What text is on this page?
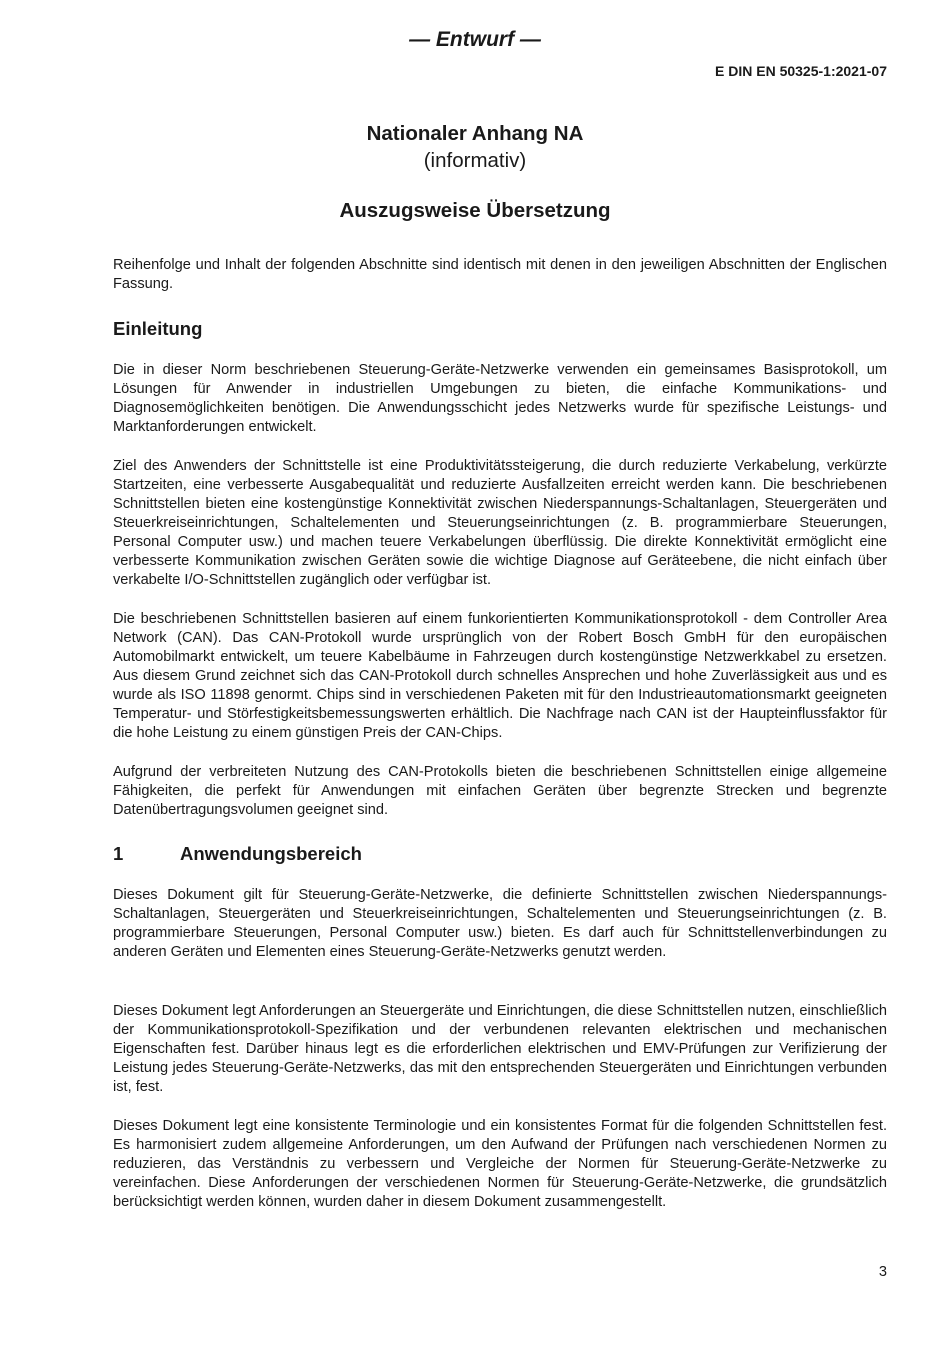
— Entwurf —
E DIN EN 50325-1:2021-07
Nationaler Anhang NA
(informativ)
Auszugsweise Übersetzung

Reihenfolge und Inhalt der folgenden Abschnitte sind identisch mit denen in den jeweiligen Abschnitten der Englischen Fassung.

Einleitung

Die in dieser Norm beschriebenen Steuerung-Geräte-Netzwerke verwenden ein gemeinsames Basisprotokoll, um Lösungen für Anwender in industriellen Umgebungen zu bieten, die einfache Kommunikations- und Diagnosemöglichkeiten benötigen. Die Anwendungsschicht jedes Netzwerks wurde für spezifische Leistungs- und Marktanforderungen entwickelt.

Ziel des Anwenders der Schnittstelle ist eine Produktivitätssteigerung, die durch reduzierte Verkabelung, verkürzte Startzeiten, eine verbesserte Ausgabequalität und reduzierte Ausfallzeiten erreicht werden kann. Die beschriebenen Schnittstellen bieten eine kostengünstige Konnektivität zwischen Niederspannungs-Schaltanlagen, Steuergeräten und Steuerkreiseinrichtungen, Schaltelementen und Steuerungseinrichtungen (z. B. programmierbare Steuerungen, Personal Computer usw.) und machen teuere Verkabelungen überflüssig. Die direkte Konnektivität ermöglicht eine verbesserte Kommunikation zwischen Geräten sowie die wichtige Diagnose auf Geräteebene, die nicht einfach über verkabelte I/O-Schnittstellen zugänglich oder verfügbar ist.

Die beschriebenen Schnittstellen basieren auf einem funkorientierten Kommunikationsprotokoll - dem Controller Area Network (CAN). Das CAN-Protokoll wurde ursprünglich von der Robert Bosch GmbH für den europäischen Automobilmarkt entwickelt, um teuere Kabelbäume in Fahrzeugen durch kostengünstige Netzwerkkabel zu ersetzen. Aus diesem Grund zeichnet sich das CAN-Protokoll durch schnelles Ansprechen und hohe Zuverlässigkeit aus und es wurde als ISO 11898 genormt. Chips sind in verschiedenen Paketen mit für den Industrieautomationsmarkt geeigneten Temperatur- und Störfestigkeitsbemessungswerten erhältlich. Die Nachfrage nach CAN ist der Haupteinflussfaktor für die hohe Leistung zu einem günstigen Preis der CAN-Chips.

Aufgrund der verbreiteten Nutzung des CAN-Protokolls bieten die beschriebenen Schnittstellen einige allgemeine Fähigkeiten, die perfekt für Anwendungen mit einfachen Geräten über begrenzte Strecken und begrenzte Datenübertragungsvolumen geeignet sind.

1	Anwendungsbereich

Dieses Dokument gilt für Steuerung-Geräte-Netzwerke, die definierte Schnittstellen zwischen Niederspannungs-Schaltanlagen, Steuergeräten und Steuerkreiseinrichtungen, Schaltelementen und Steuerungseinrichtungen (z. B. programmierbare Steuerungen, Personal Computer usw.) bieten. Es darf auch für Schnittstellenverbindungen zu anderen Geräten und Elementen eines Steuerung-Geräte-Netzwerks genutzt werden.

Dieses Dokument legt Anforderungen an Steuergeräte und Einrichtungen, die diese Schnittstellen nutzen, einschließlich der Kommunikationsprotokoll-Spezifikation und der verbundenen relevanten elektrischen und mechanischen Eigenschaften fest. Darüber hinaus legt es die erforderlichen elektrischen und EMV-Prüfungen zur Verifizierung der Leistung jedes Steuerung-Geräte-Netzwerks, das mit den entsprechenden Steuergeräten und Einrichtungen verbunden ist, fest.

Dieses Dokument legt eine konsistente Terminologie und ein konsistentes Format für die folgenden Schnittstellen fest. Es harmonisiert zudem allgemeine Anforderungen, um den Aufwand der Prüfungen nach verschiedenen Normen zu reduzieren, das Verständnis zu verbessern und Vergleiche der Normen für Steuerung-Geräte-Netzwerke zu vereinfachen. Diese Anforderungen der verschiedenen Normen für Steuerung-Geräte-Netzwerke, die grundsätzlich berücksichtigt werden können, wurden daher in diesem Dokument zusammengestellt.

3
